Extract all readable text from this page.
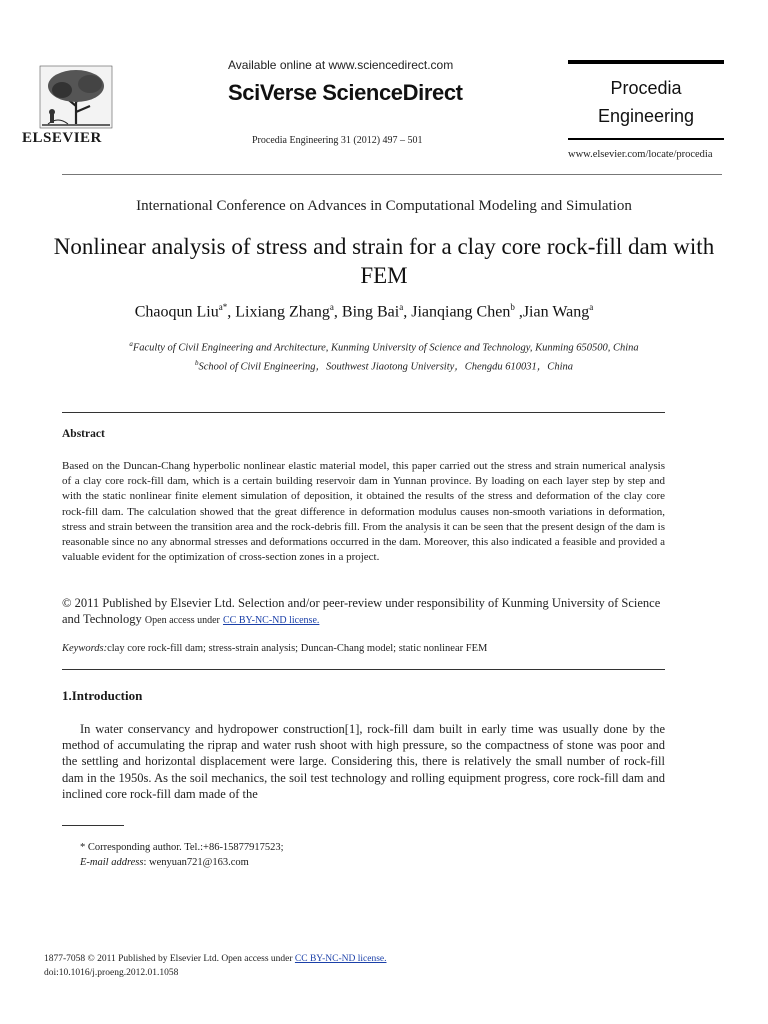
ELSEVIER
Available online at www.sciencedirect.com
SciVerse ScienceDirect
Procedia Engineering 31 (2012) 497 – 501
Procedia
Engineering
www.elsevier.com/locate/procedia
International Conference on Advances in Computational Modeling and Simulation
Nonlinear analysis of stress and strain for a clay core rock-fill dam with FEM
Chaoqun Liu$^{a*}$, Lixiang Zhang$^a$, Bing Bai$^a$, Jianqiang Chen$^b$ ,Jian Wang$^a$
$^a$Faculty of Civil Engineering and Architecture, Kunming University of Science and Technology, Kunming 650500, China
$^b$School of Civil Engineering，Southwest Jiaotong University，Chengdu 610031，China
Abstract
Based on the Duncan-Chang hyperbolic nonlinear elastic material model, this paper carried out the stress and strain numerical analysis of a clay core rock-fill dam, which is a certain building reservoir dam in Yunnan province. By loading on each layer step by step and with the static nonlinear finite element simulation of deposition, it obtained the results of the stress and deformation of the clay core rock-fill dam. The calculation showed that the great difference in deformation modulus causes non-smooth variations in deformation, stress and strain between the transition area and the rock-debris fill. From the analysis it can be seen that the present design of the dam is reasonable since no any abnormal stresses and deformations occurred in the dam. Moreover, this also indicated a feasible and provided a valuable evident for the optimization of cross-section zones in a project.
© 2011 Published by Elsevier Ltd. Selection and/or peer-review under responsibility of Kunming University of Science and Technology Open access under CC BY-NC-ND license.
Keywords:clay core rock-fill dam; stress-strain analysis; Duncan-Chang model; static nonlinear FEM
1.Introduction
In water conservancy and hydropower construction[1], rock-fill dam built in early time was usually done by the method of accumulating the riprap and water rush shoot with high pressure, so the compactness of stone was poor and the settling and horizontal displacement were large. Considering this, there is relatively the small number of rock-fill dam in the 1950s. As the soil mechanics, the soil test technology and rolling equipment progress, core rock-fill dam and inclined core rock-fill dam made of the
* Corresponding author. Tel.:+86-15877917523;
E-mail address: wenyuan721@163.com
1877-7058 © 2011 Published by Elsevier Ltd. Open access under CC BY-NC-ND license.
doi:10.1016/j.proeng.2012.01.1058
